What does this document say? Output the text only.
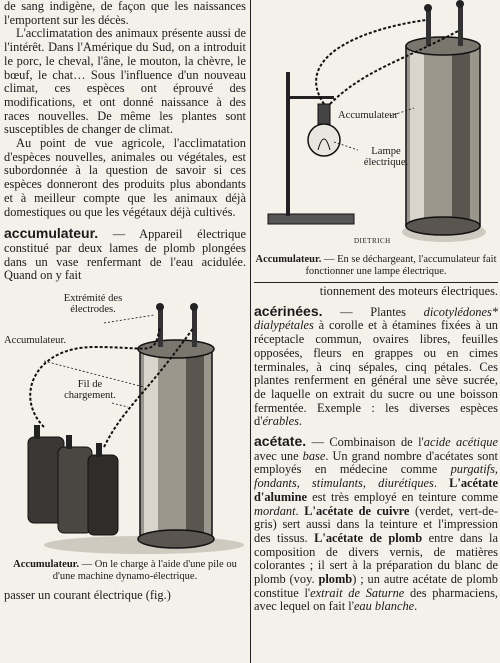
de sang indigène, de façon que les naissances l'emportent sur les décès.

L'acclimatation des animaux présente aussi de l'intérêt. Dans l'Amérique du Sud, on a introduit le porc, le cheval, l'âne, le mouton, la chèvre, le bœuf, le chat… Sous l'influence d'un nouveau climat, ces espèces ont éprouvé des modifications, et ont donné naissance à des races nouvelles. De même les plantes sont susceptibles de changer de climat.

Au point de vue agricole, l'acclimatation d'espèces nouvelles, animales ou végétales, est subordonnée à la question de savoir si ces espèces donneront des produits plus abondants et à meilleur compte que les animaux déjà domestiques ou que les végétaux déjà cultivés.

accumulateur. — Appareil électrique constitué par deux lames de plomb plongées dans un vase renfermant de l'eau acidulée. Quand on y fait

Extrémité des électrodes.
Accumulateur.
Fil de chargement.
Accumulateur. — On le charge à l'aide d'une pile ou d'une machine dynamo-électrique.
passer un courant électrique (fig.)
Accumulateur
Lampe électrique.
DIETRICH
Accumulateur. — En se déchargeant, l'accumulateur fait fonctionner une lampe électrique.

tionnement des moteurs électriques.

acérinées. — Plantes dicotylédones* dialypétales à corolle et à étamines fixées à un réceptacle commun, ovaires libres, feuilles opposées, fleurs en grappes ou en cimes terminales, à cinq sépales, cinq pétales. Ces plantes renferment en général une sève sucrée, de laquelle on extrait du sucre ou une boisson fermentée. Exemple : les diverses espèces d'érables.

acétate. — Combinaison de l'acide acétique avec une base. Un grand nombre d'acétates sont employés en médecine comme purgatifs, fondants, stimulants, diurétiques. L'acétate d'alumine est très employé en teinture comme mordant. L'acétate de cuivre (verdet, vert-de-gris) sert aussi dans la teinture et l'impression des tissus. L'acétate de plomb entre dans la composition de divers vernis, de matières colorantes ; il sert à la préparation du blanc de plomb (voy. plomb) ; un autre acétate de plomb constitue l'extrait de Saturne des pharmaciens, avec lequel on fait l'eau blanche.
